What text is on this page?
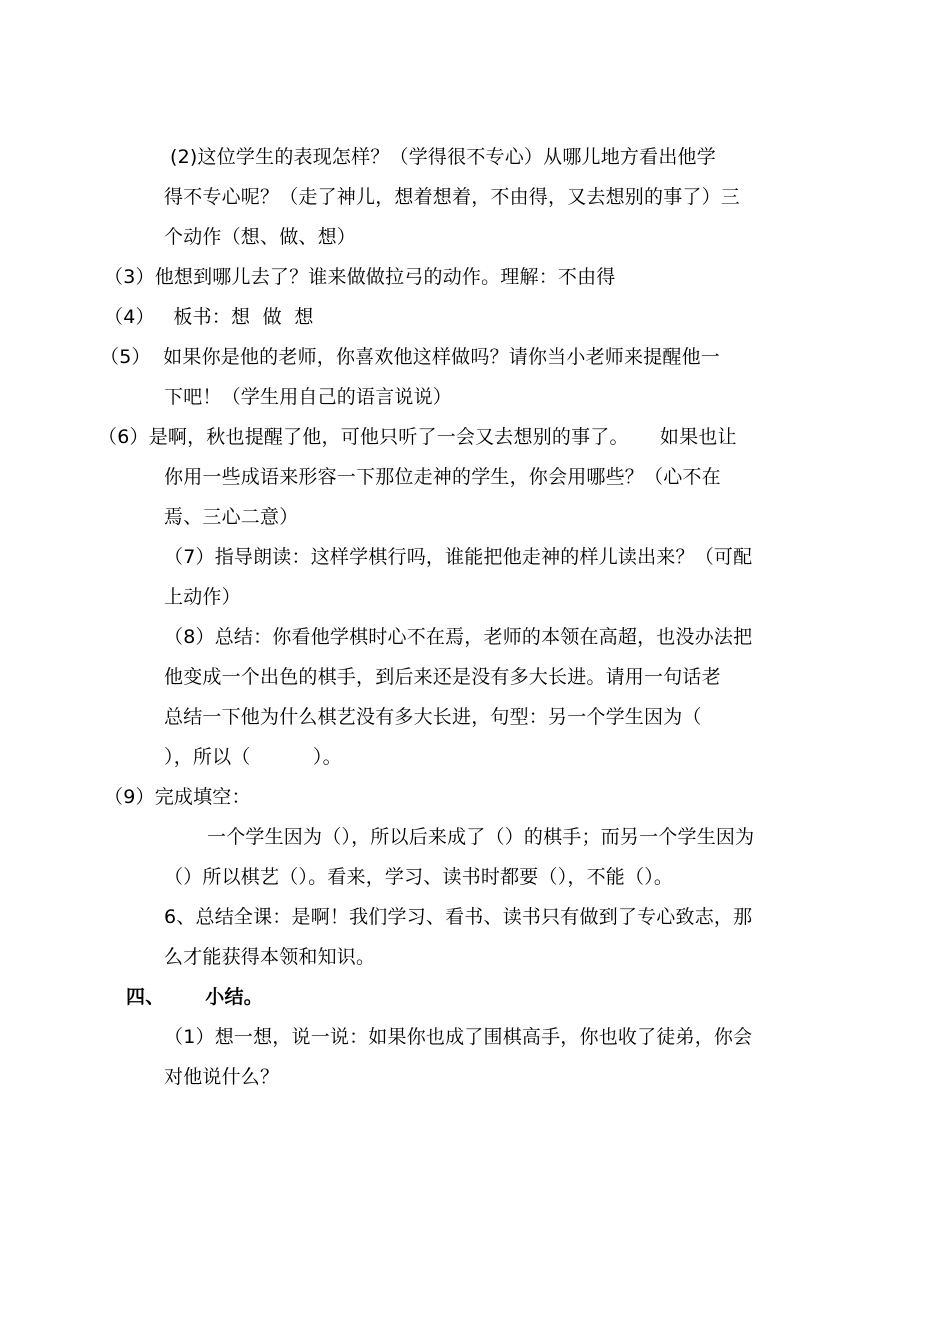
(2)这位学生的表现怎样？（学得很不专心）从哪儿地方看出他学
得不专心呢？（走了神儿，想着想着，不由得，又去想别的事了）三
个动作（想、做、想）
（3）他想到哪儿去了？谁来做做拉弓的动作。理解：不由得
（4）   板书：想  做  想
（5）  如果你是他的老师，你喜欢他这样做吗？请你当小老师来提醒他一
下吧！（学生用自己的语言说说）
（6）是啊，秋也提醒了他，可他只听了一会又去想别的事了。     如果也让
你用一些成语来形容一下那位走神的学生，你会用哪些？（心不在
焉、三心二意）
（7）指导朗读：这样学棋行吗，谁能把他走神的样儿读出来？（可配
上动作）
（8）总结：你看他学棋时心不在焉，老师的本领在高超，也没办法把
他变成一个出色的棋手，到后来还是没有多大长进。请用一句话老
总结一下他为什么棋艺没有多大长进，句型：另一个学生因为（
），所以（          ）。
（9）完成填空：
一个学生因为（），所以后来成了（）的棋手；而另一个学生因为
（）所以棋艺（）。看来，学习、读书时都要（），不能（）。
6、总结全课：是啊！我们学习、看书、读书只有做到了专心致志，那
么才能获得本领和知识。
四、      小结。
（1）想一想，说一说：如果你也成了围棋高手，你也收了徒弟，你会
对他说什么？
